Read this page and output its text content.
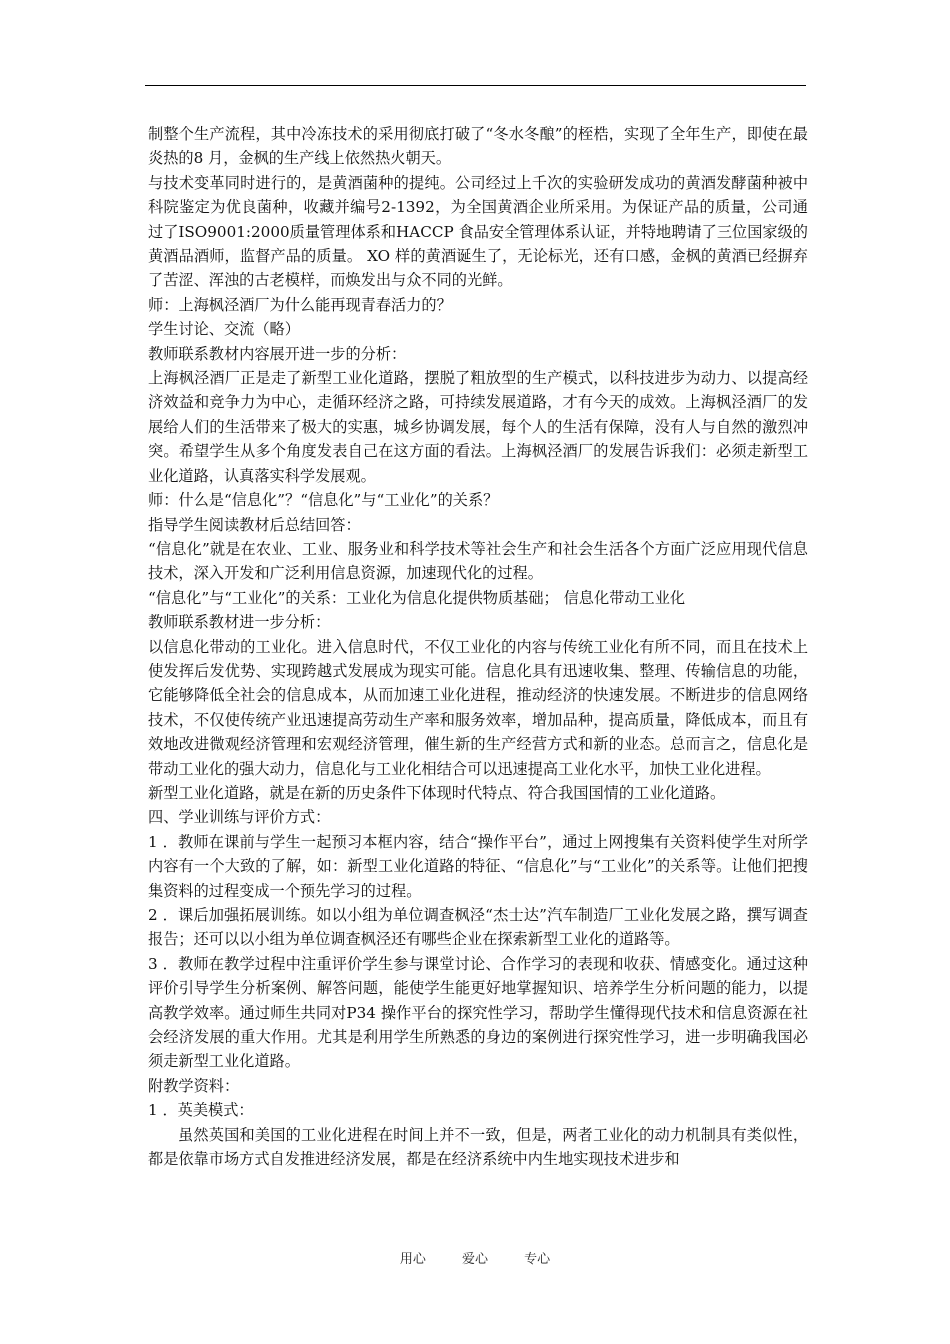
制整个生产流程，其中冷冻技术的采用彻底打破了“冬水冬酿”的桎梏，实现了全年生产，即使在最炎热的8 月，金枫的生产线上依然热火朝天。

与技术变革同时进行的，是黄酒菌种的提纯。公司经过上千次的实验研发成功的黄酒发酵菌种被中科院鉴定为优良菌种，收藏并编号2-1392，为全国黄酒企业所采用。为保证产品的质量，公司通过了ISO9001:2000质量管理体系和HACCP 食品安全管理体系认证，并特地聘请了三位国家级的黄酒品酒师，监督产品的质量。 XO 样的黄酒诞生了，无论标光，还有口感，金枫的黄酒已经摒弃了苦涩、浑浊的古老模样，而焕发出与众不同的光鲜。

师：上海枫泾酒厂为什么能再现青春活力的？

学生讨论、交流（略）

教师联系教材内容展开进一步的分析：

上海枫泾酒厂正是走了新型工业化道路，摆脱了粗放型的生产模式，以科技进步为动力、以提高经济效益和竞争力为中心，走循环经济之路，可持续发展道路，才有今天的成效。上海枫泾酒厂的发展给人们的生活带来了极大的实惠，城乡协调发展，每个人的生活有保障，没有人与自然的激烈冲突。希望学生从多个角度发表自己在这方面的看法。上海枫泾酒厂的发展告诉我们：必须走新型工业化道路，认真落实科学发展观。

师：什么是“信息化”？“信息化”与“工业化”的关系？

指导学生阅读教材后总结回答：

“信息化”就是在农业、工业、服务业和科学技术等社会生产和社会生活各个方面广泛应用现代信息技术，深入开发和广泛利用信息资源，加速现代化的过程。

“信息化”与“工业化”的关系：工业化为信息化提供物质基础； 信息化带动工业化

教师联系教材进一步分析：

以信息化带动的工业化。进入信息时代，不仅工业化的内容与传统工业化有所不同，而且在技术上使发挥后发优势、实现跨越式发展成为现实可能。信息化具有迅速收集、整理、传输信息的功能，它能够降低全社会的信息成本，从而加速工业化进程，推动经济的快速发展。不断进步的信息网络技术，不仅使传统产业迅速提高劳动生产率和服务效率，增加品种，提高质量，降低成本，而且有效地改进微观经济管理和宏观经济管理，催生新的生产经营方式和新的业态。总而言之，信息化是带动工业化的强大动力，信息化与工业化相结合可以迅速提高工业化水平，加快工业化进程。

新型工业化道路，就是在新的历史条件下体现时代特点、符合我国国情的工业化道路。

四、学业训练与评价方式：

1 ．教师在课前与学生一起预习本框内容，结合“操作平台”，通过上网搜集有关资料使学生对所学内容有一个大致的了解，如：新型工业化道路的特征、“信息化”与“工业化”的关系等。让他们把搜集资料的过程变成一个预先学习的过程。

2 ．课后加强拓展训练。如以小组为单位调查枫泾“杰士达”汽车制造厂工业化发展之路，撰写调查报告；还可以以小组为单位调查枫泾还有哪些企业在探索新型工业化的道路等。

3 ．教师在教学过程中注重评价学生参与课堂讨论、合作学习的表现和收获、情感变化。通过这种评价引导学生分析案例、解答问题，能使学生能更好地掌握知识、培养学生分析问题的能力，以提高教学效率。通过师生共同对P34 操作平台的探究性学习，帮助学生懂得现代技术和信息资源在社会经济发展的重大作用。尤其是利用学生所熟悉的身边的案例进行探究性学习，进一步明确我国必须走新型工业化道路。

附教学资料：

1 ．英美模式：

虽然英国和美国的工业化进程在时间上并不一致，但是，两者工业化的动力机制具有类似性，都是依靠市场方式自发推进经济发展，都是在经济系统中内生地实现技术进步和

用心	爱心	专心
